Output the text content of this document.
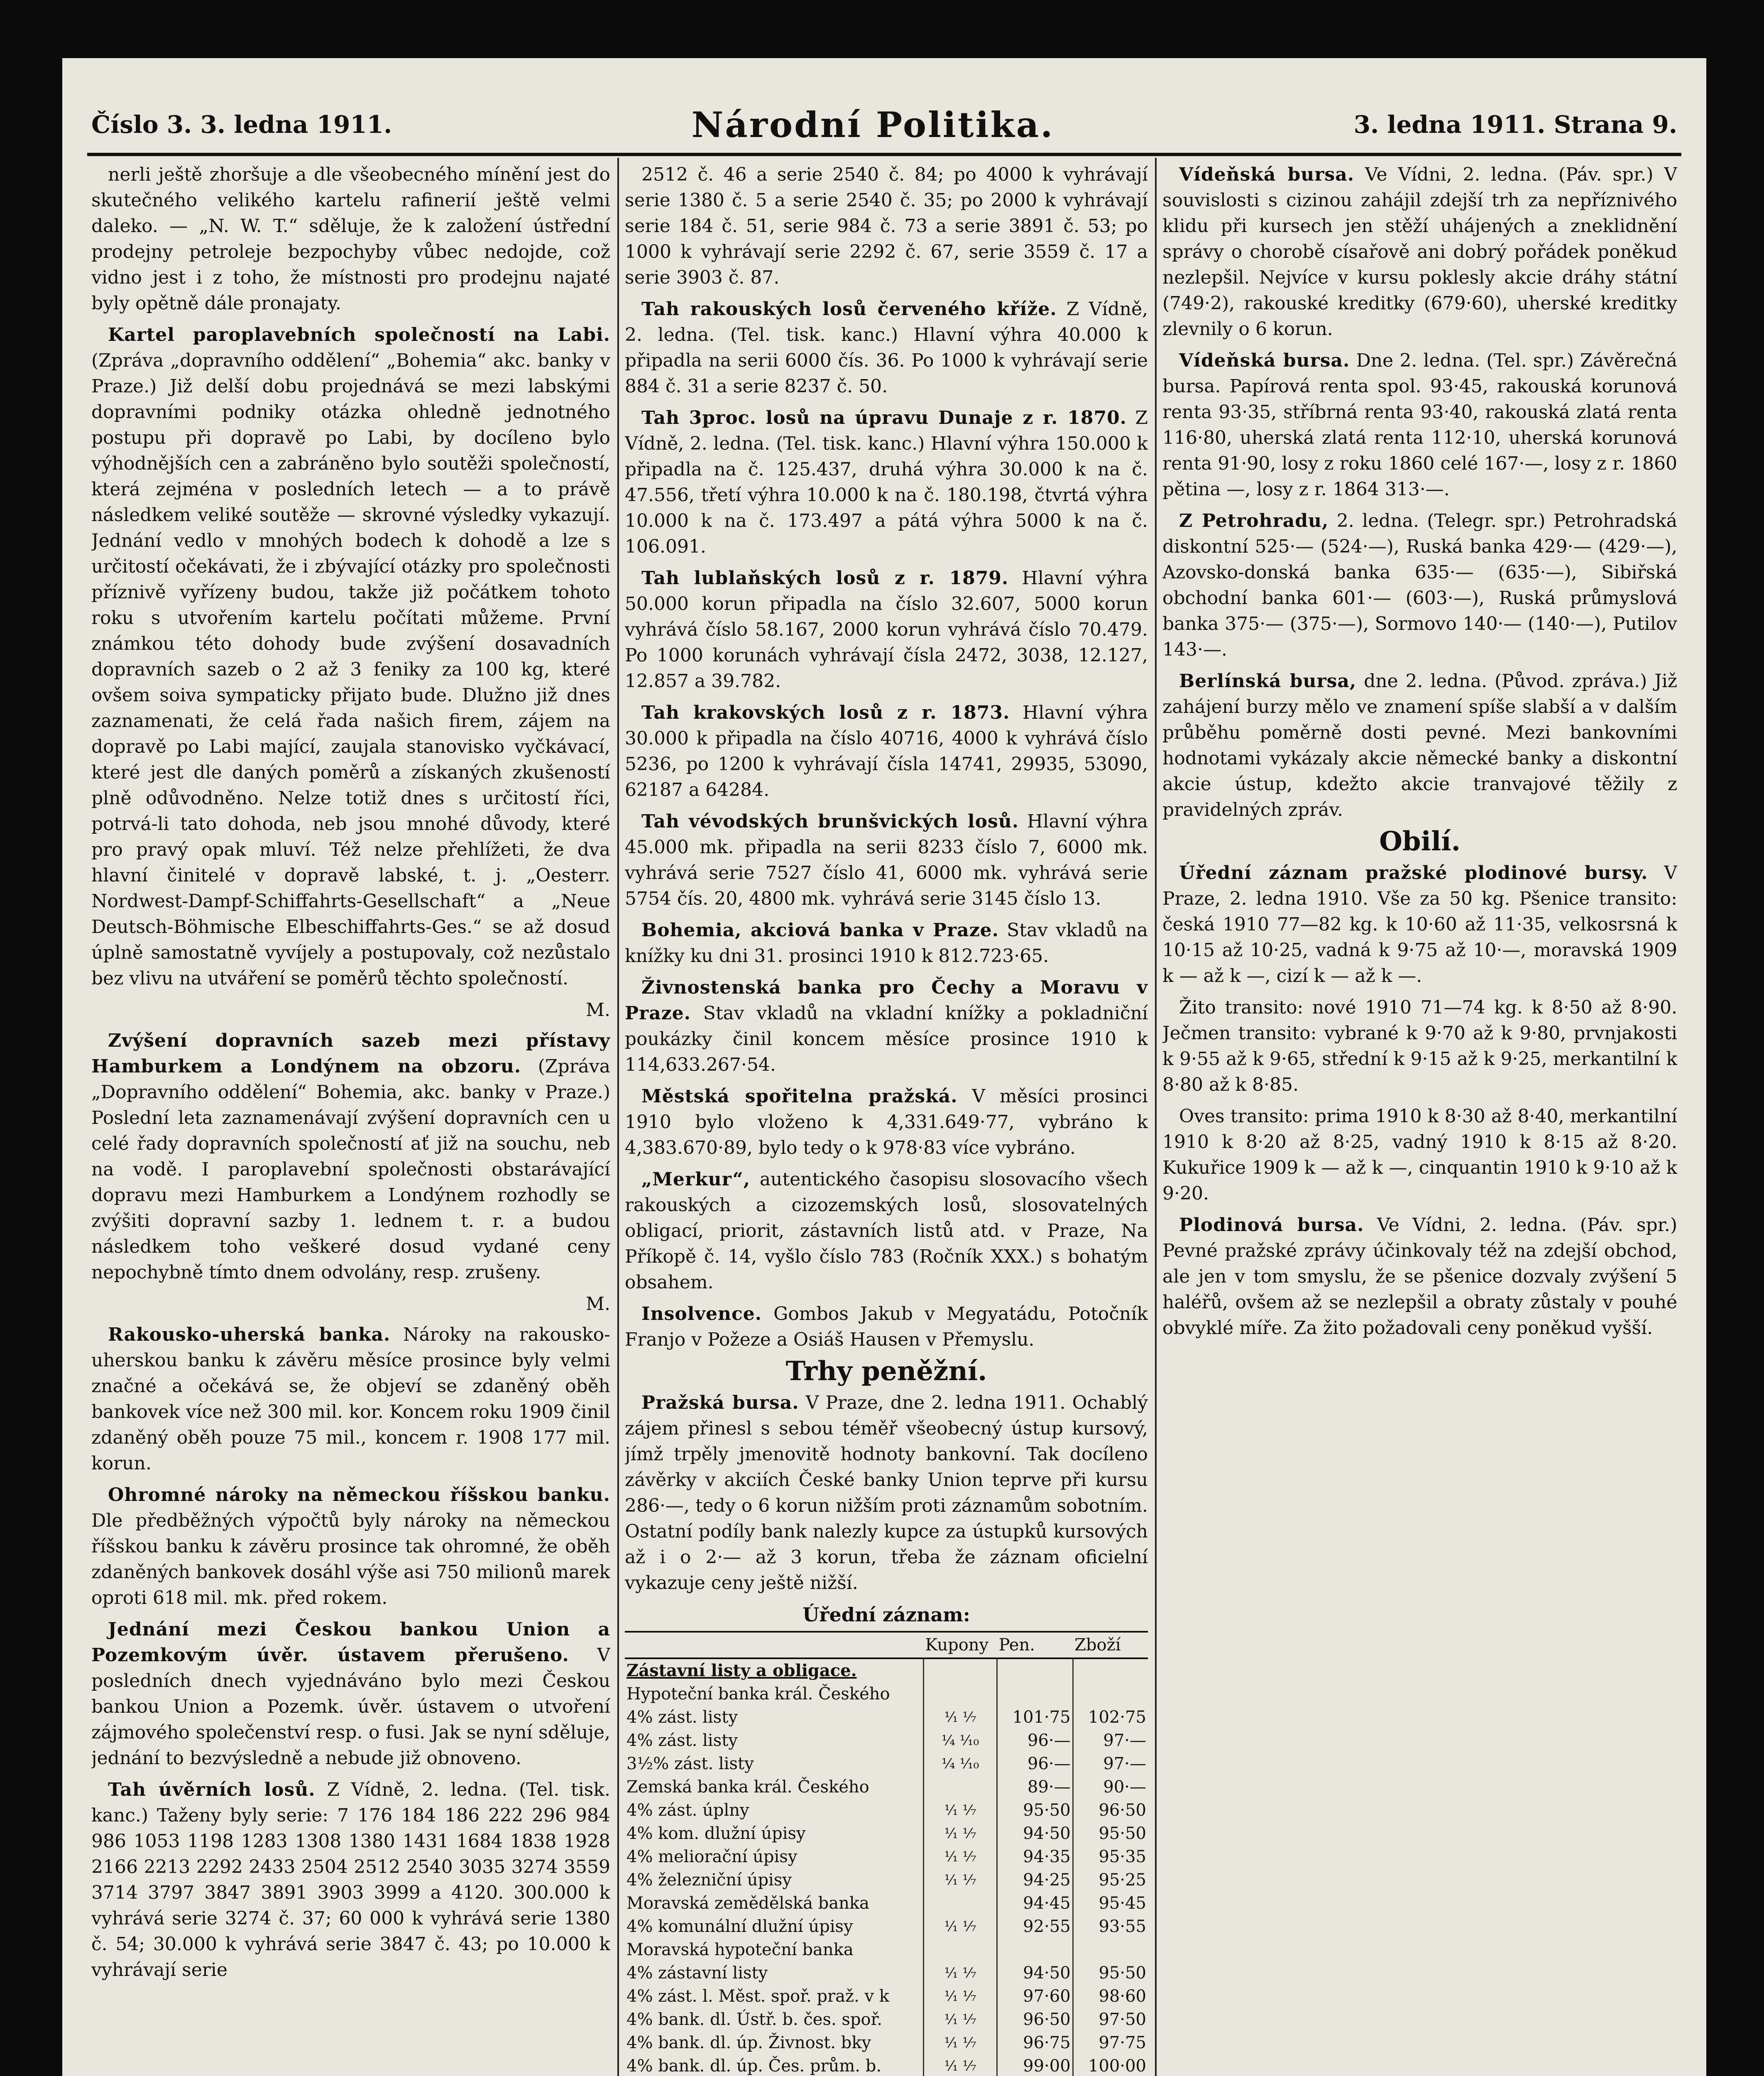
Číslo 3. 3. ledna 1911.	Národní Politika.	3. ledna 1911. Strana 9.

nerli ještě zhoršuje a dle všeobecného mínění jest do skutečného velikého kartelu rafinerií ještě velmi daleko. — „N. W. T.“ sděluje, že k založení ústřední prodejny petroleje bezpochyby vůbec nedojde, což vidno jest i z toho, že místnosti pro prodejnu najaté byly opětně dále pronajaty.

Kartel paroplavebních společností na Labi. (Zpráva „dopravního oddělení“ „Bohemia“ akc. banky v Praze.) Již delší dobu projednává se mezi labskými dopravními podniky otázka ohledně jednotného postupu při dopravě po Labi, by docíleno bylo výhodnějších cen a zabráněno bylo soutěži společností, která zejména v posledních letech — a to právě následkem veliké soutěže — skrovné výsledky vykazují. Jednání vedlo v mnohých bodech k dohodě a lze s určitostí očekávati, že i zbývající otázky pro společnosti příznivě vyřízeny budou, takže již počátkem tohoto roku s utvořením kartelu počítati můžeme. První známkou této dohody bude zvýšení dosavadních dopravních sazeb o 2 až 3 feniky za 100 kg, které ovšem soiva sympaticky přijato bude. Dlužno již dnes zaznamenati, že celá řada našich firem, zájem na dopravě po Labi mající, zaujala stanovisko vyčkávací, které jest dle daných poměrů a získaných zkušeností plně odůvodněno. Nelze totiž dnes s určitostí říci, potrvá-li tato dohoda, neb jsou mnohé důvody, které pro pravý opak mluví. Též nelze přehlížeti, že dva hlavní činitelé v dopravě labské, t. j. „Oesterr. Nordwest-Dampf-Schiffahrts-Gesellschaft“ a „Neue Deutsch-Böhmische Elbeschiffahrts-Ges.“ se až dosud úplně samostatně vyvíjely a postupovaly, což nezůstalo bez vlivu na utváření se poměrů těchto společností.

M.

Zvýšení dopravních sazeb mezi přístavy Hamburkem a Londýnem na obzoru. (Zpráva „Dopravního oddělení“ Bohemia, akc. banky v Praze.) Poslední leta zaznamenávají zvýšení dopravních cen u celé řady dopravních společností ať již na souchu, neb na vodě. I paroplavební společnosti obstarávající dopravu mezi Hamburkem a Londýnem rozhodly se zvýšiti dopravní sazby 1. lednem t. r. a budou následkem toho veškeré dosud vydané ceny nepochybně tímto dnem odvolány, resp. zrušeny.

M.

Rakousko-uherská banka. Nároky na rakousko-uherskou banku k závěru měsíce prosince byly velmi značné a očekává se, že objeví se zdaněný oběh bankovek více než 300 mil. kor. Koncem roku 1909 činil zdaněný oběh pouze 75 mil., koncem r. 1908 177 mil. korun.

Ohromné nároky na německou říšskou banku. Dle předběžných výpočtů byly nároky na německou říšskou banku k závěru prosince tak ohromné, že oběh zdaněných bankovek dosáhl výše asi 750 milionů marek oproti 618 mil. mk. před rokem.

Jednání mezi Českou bankou Union a Pozemkovým úvěr. ústavem přerušeno. V posledních dnech vyjednáváno bylo mezi Českou bankou Union a Pozemk. úvěr. ústavem o utvoření zájmového společenství resp. o fusi. Jak se nyní sděluje, jednání to bezvýsledně a nebude již obnoveno.

Tah úvěrních losů. Z Vídně, 2. ledna. (Tel. tisk. kanc.) Taženy byly serie: 7 176 184 186 222 296 984 986 1053 1198 1283 1308 1380 1431 1684 1838 1928 2166 2213 2292 2433 2504 2512 2540 3035 3274 3559 3714 3797 3847 3891 3903 3999 a 4120. 300.000 k vyhrává serie 3274 č. 37; 60 000 k vyhrává serie 1380 č. 54; 30.000 k vyhrává serie 3847 č. 43; po 10.000 k vyhrávají serie

2512 č. 46 a serie 2540 č. 84; po 4000 k vyhrávají serie 1380 č. 5 a serie 2540 č. 35; po 2000 k vyhrávají serie 184 č. 51, serie 984 č. 73 a serie 3891 č. 53; po 1000 k vyhrávají serie 2292 č. 67, serie 3559 č. 17 a serie 3903 č. 87.

Tah rakouských losů červeného kříže. Z Vídně, 2. ledna. (Tel. tisk. kanc.) Hlavní výhra 40.000 k připadla na serii 6000 čís. 36. Po 1000 k vyhrávají serie 884 č. 31 a serie 8237 č. 50.

Tah 3proc. losů na úpravu Dunaje z r. 1870. Z Vídně, 2. ledna. (Tel. tisk. kanc.) Hlavní výhra 150.000 k připadla na č. 125.437, druhá výhra 30.000 k na č. 47.556, třetí výhra 10.000 k na č. 180.198, čtvrtá výhra 10.000 k na č. 173.497 a pátá výhra 5000 k na č. 106.091.

Tah lublaňských losů z r. 1879. Hlavní výhra 50.000 korun připadla na číslo 32.607, 5000 korun vyhrává číslo 58.167, 2000 korun vyhrává číslo 70.479. Po 1000 korunách vyhrávají čísla 2472, 3038, 12.127, 12.857 a 39.782.

Tah krakovských losů z r. 1873. Hlavní výhra 30.000 k připadla na číslo 40716, 4000 k vyhrává číslo 5236, po 1200 k vyhrávají čísla 14741, 29935, 53090, 62187 a 64284.

Tah vévodských brunšvických losů. Hlavní výhra 45.000 mk. připadla na serii 8233 číslo 7, 6000 mk. vyhrává serie 7527 číslo 41, 6000 mk. vyhrává serie 5754 čís. 20, 4800 mk. vyhrává serie 3145 číslo 13.

Bohemia, akciová banka v Praze. Stav vkladů na knížky ku dni 31. prosinci 1910 k 812.723·65.

Živnostenská banka pro Čechy a Moravu v Praze. Stav vkladů na vkladní knížky a pokladniční poukázky činil koncem měsíce prosince 1910 k 114,633.267·54.

Městská spořitelna pražská. V měsíci prosinci 1910 bylo vloženo k 4,331.649·77, vybráno k 4,383.670·89, bylo tedy o k 978·83 více vybráno.

„Merkur“, autentického časopisu slosovacího všech rakouských a cizozemských losů, slosovatelných obligací, priorit, zástavních listů atd. v Praze, Na Příkopě č. 14, vyšlo číslo 783 (Ročník XXX.) s bohatým obsahem.

Insolvence. Gombos Jakub v Megyatádu, Potočník Franjo v Požeze a Osiáš Hausen v Přemyslu.

Trhy peněžní.

Pražská bursa. V Praze, dne 2. ledna 1911. Ochablý zájem přinesl s sebou téměř všeobecný ústup kursový, jímž trpěly jmenovitě hodnoty bankovní. Tak docíleno závěrky v akciích České banky Union teprve při kursu 286·—, tedy o 6 korun nižším proti záznamům sobotním. Ostatní podíly bank nalezly kupce za ústupků kursových až i o 2·— až 3 korun, třeba že záznam oficielní vykazuje ceny ještě nižší.

Úřední záznam:
	Kupony	Pen.	Zboží
Zástavní listy a obligace.			
Hypoteční banka král. Českého			
4% zást. listy	⅟₁ ⅟₇	101·75	102·75
4% zást. listy	⅟₄ ⅟₁₀	96·—	97·—
3½% zást. listy	⅟₄ ⅟₁₀	96·—	97·—
Zemská banka král. Českého		89·—	90·—
4% zást. úplny	⅟₁ ⅟₇	95·50	96·50
4% kom. dlužní úpisy	⅟₁ ⅟₇	94·50	95·50
4% meliorační úpisy	⅟₁ ⅟₇	94·35	95·35
4% železniční úpisy	⅟₁ ⅟₇	94·25	95·25
Moravská zemědělská banka		94·45	95·45
4% komunální dlužní úpisy	⅟₁ ⅟₇	92·55	93·55
Moravská hypoteční banka			
4% zástavní listy	⅟₁ ⅟₇	94·50	95·50
4% zást. l. Měst. spoř. praž. v k	⅟₁ ⅟₇	97·60	98·60
4% bank. dl. Ústř. b. čes. spoř.	⅟₁ ⅟₇	96·50	97·50
4% bank. dl. úp. Živnost. bky	⅟₁ ⅟₇	96·75	97·75
4% bank. dl. úp. Čes. prům. b.	⅟₁ ⅟₇	99·00	100·00

Vídeňská bursa. Ve Vídni, 2. ledna. (Páv. spr.) V souvislosti s cizinou zahájil zdejší trh za nepříznivého klidu při kursech jen stěží uhájených a zneklidnění správy o chorobě císařově ani dobrý pořádek poněkud nezlepšil. Nejvíce v kursu poklesly akcie dráhy státní (749·2), rakouské kreditky (679·60), uherské kreditky zlevnily o 6 korun.

Vídeňská bursa. Dne 2. ledna. (Tel. spr.) Závěrečná bursa. Papírová renta spol. 93·45, rakouská korunová renta 93·35, stříbrná renta 93·40, rakouská zlatá renta 116·80, uherská zlatá renta 112·10, uherská korunová renta 91·90, losy z roku 1860 celé 167·—, losy z r. 1860 pětina —, losy z r. 1864 313·—.

Z Petrohradu, 2. ledna. (Telegr. spr.) Petrohradská diskontní 525·— (524·—), Ruská banka 429·— (429·—), Azovsko-donská banka 635·— (635·—), Sibiřská obchodní banka 601·— (603·—), Ruská průmyslová banka 375·— (375·—), Sormovo 140·— (140·—), Putilov 143·—.

Berlínská bursa, dne 2. ledna. (Původ. zpráva.) Již zahájení burzy mělo ve znamení spíše slabší a v dalším průběhu poměrně dosti pevné. Mezi bankovními hodnotami vykázaly akcie německé banky a diskontní akcie ústup, kdežto akcie tranvajové těžily z pravidelných zpráv.

Obilí.

Úřední záznam pražské plodinové bursy. V Praze, 2. ledna 1910. Vše za 50 kg. Pšenice transito: česká 1910 77—82 kg. k 10·60 až 11·35, velkosrsná k 10·15 až 10·25, vadná k 9·75 až 10·—, moravská 1909 k — až k —, cizí k — až k —.

Žito transito: nové 1910 71—74 kg. k 8·50 až 8·90. Ječmen transito: vybrané k 9·70 až k 9·80, prvnjakosti k 9·55 až k 9·65, střední k 9·15 až k 9·25, merkantilní k 8·80 až k 8·85.

Oves transito: prima 1910 k 8·30 až 8·40, merkantilní 1910 k 8·20 až 8·25, vadný 1910 k 8·15 až 8·20. Kukuřice 1909 k — až k —, cinquantin 1910 k 9·10 až k 9·20.

Plodinová bursa. Ve Vídni, 2. ledna. (Páv. spr.) Pevné pražské zprávy účinkovaly též na zdejší obchod, ale jen v tom smyslu, že se pšenice dozvaly zvýšení 5 haléřů, ovšem až se nezlepšil a obraty zůstaly v pouhé obvyklé míře. Za žito požadovali ceny poněkud vyšší.
